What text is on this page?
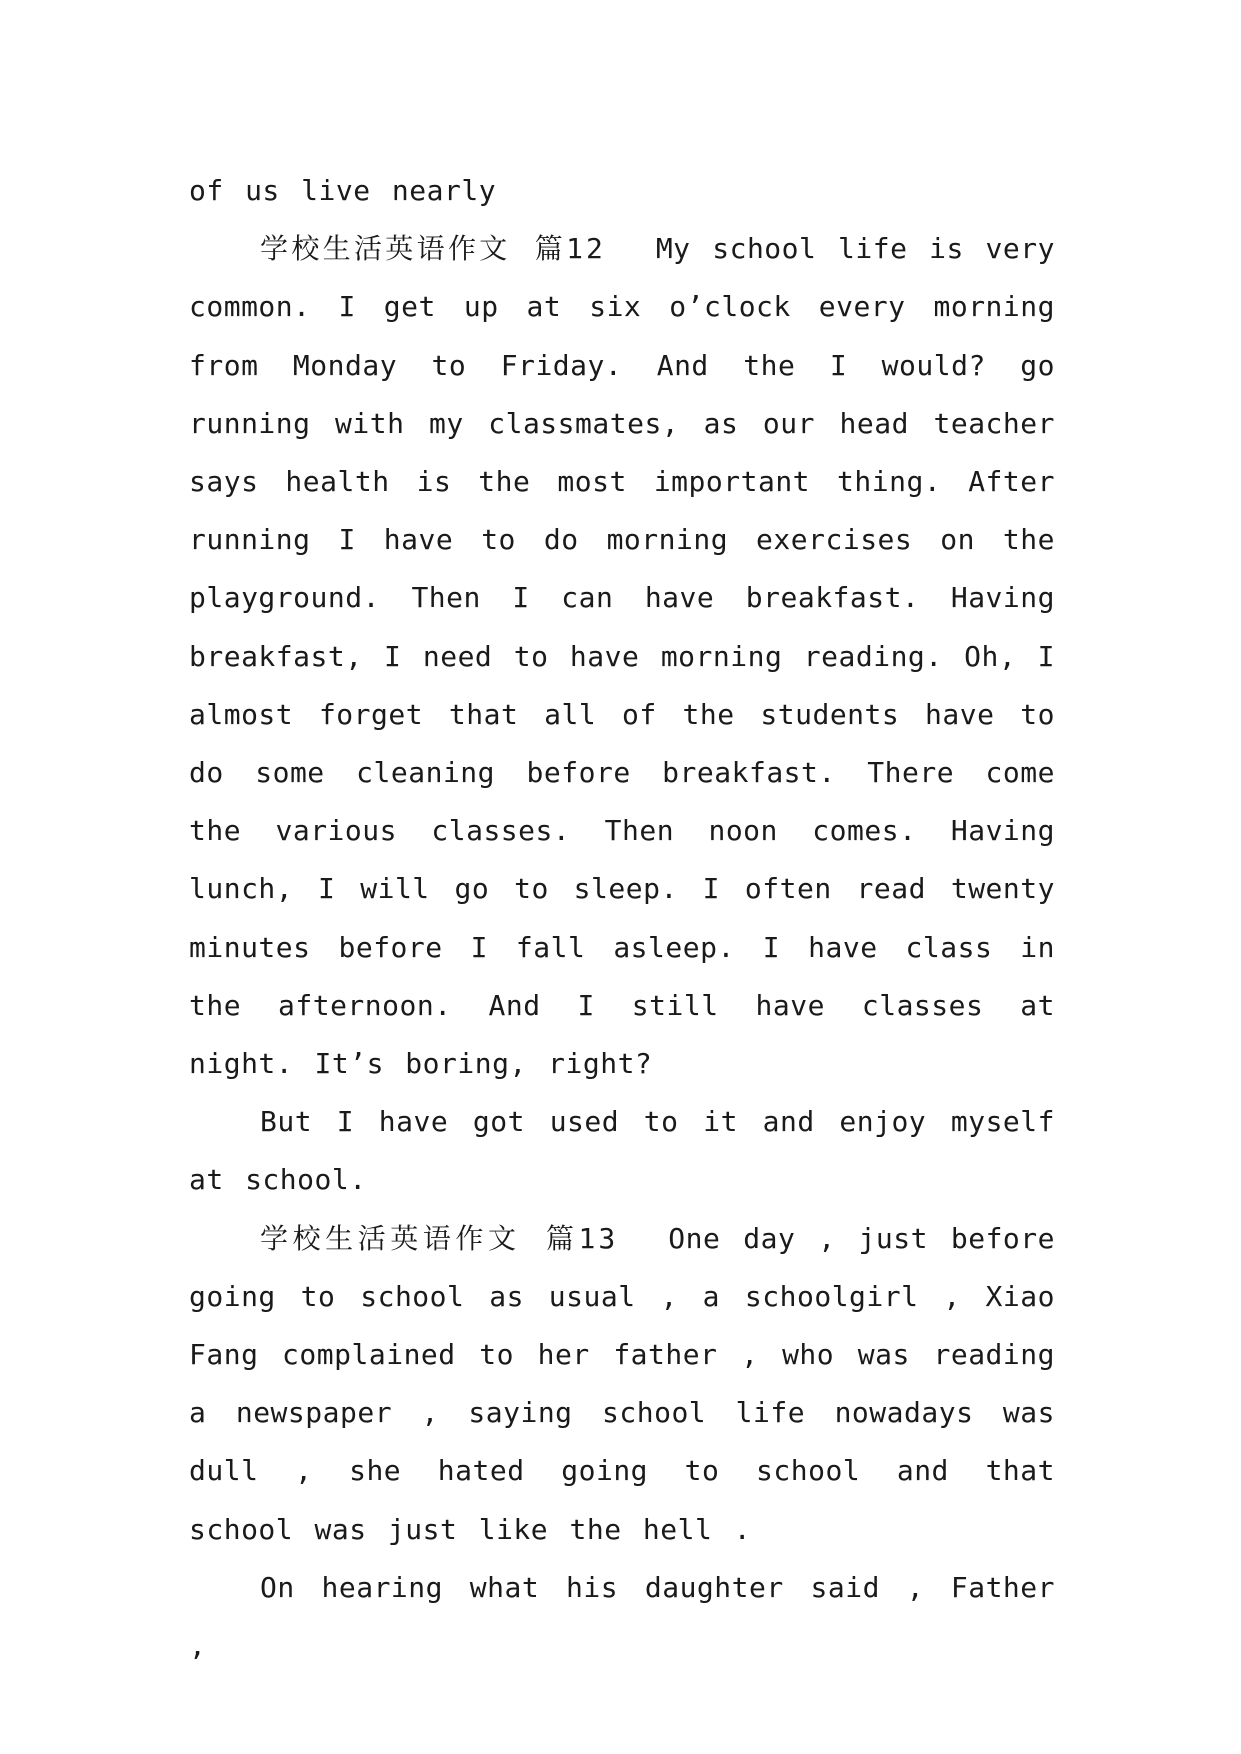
of us live nearly

学校生活英语作文 篇12 My school life is very common. I get up at six o’clock every morning from Monday to Friday. And the I would? go running with my classmates, as our head teacher says health is the most important thing. After running I have to do morning exercises on the playground. Then I can have breakfast. Having breakfast, I need to have morning reading. Oh, I almost forget that all of the students have to do some cleaning before breakfast. There come the various classes. Then noon comes. Having lunch, I will go to sleep. I often read twenty minutes before I fall asleep. I have class in the afternoon. And I still have classes at night. It’s boring, right?

But I have got used to it and enjoy myself at school.

学校生活英语作文 篇13 One day , just before going to school as usual , a schoolgirl , Xiao Fang complained to her father , who was reading a newspaper , saying school life nowadays was dull , she hated going to school and that school was just like the hell .

On hearing what his daughter said , Father ,
